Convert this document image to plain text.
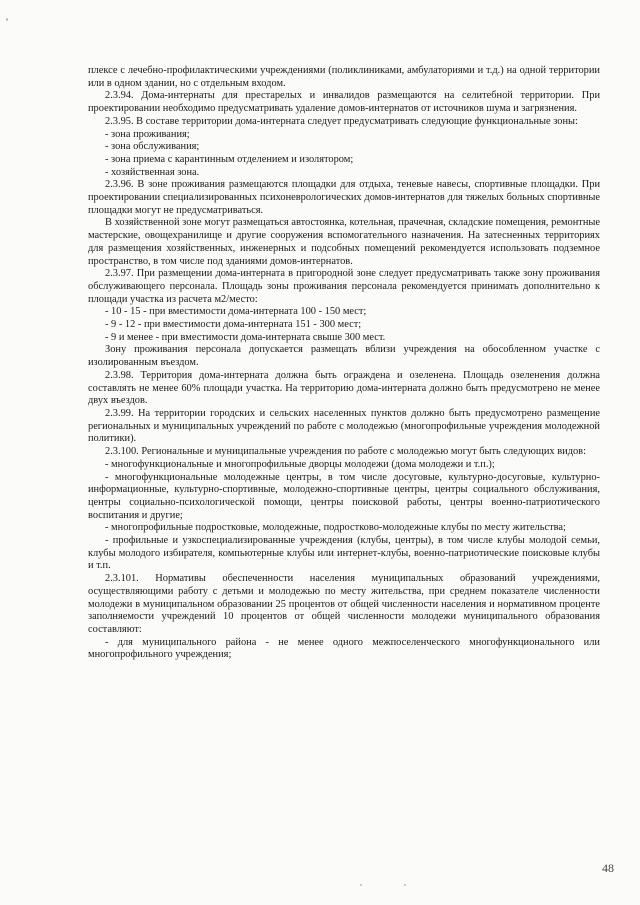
плексе с лечебно-профилактическими учреждениями (поликлиниками, амбулаториями и т.д.) на одной территории или в одном здании, но с отдельным входом.

2.3.94. Дома-интернаты для престарелых и инвалидов размещаются на селитебной территории. При проектировании необходимо предусматривать удаление домов-интернатов от источников шума и загрязнения.

2.3.95. В составе территории дома-интерната следует предусматривать следующие функциональные зоны:

- зона проживания;

- зона обслуживания;

- зона приема с карантинным отделением и изолятором;

- хозяйственная зона.

2.3.96. В зоне проживания размещаются площадки для отдыха, теневые навесы, спортивные площадки. При проектировании специализированных психоневрологических домов-интернатов для тяжелых больных спортивные площадки могут не предусматриваться.

В хозяйственной зоне могут размещаться автостоянка, котельная, прачечная, складские помещения, ремонтные мастерские, овощехранилище и другие сооружения вспомогательного назначения. На затесненных территориях для размещения хозяйственных, инженерных и подсобных помещений рекомендуется использовать подземное пространство, в том числе под зданиями домов-интернатов.

2.3.97. При размещении дома-интерната в пригородной зоне следует предусматривать также зону проживания обслуживающего персонала. Площадь зоны проживания персонала рекомендуется принимать дополнительно к площади участка из расчета м2/место:

- 10 - 15 - при вместимости дома-интерната 100 - 150 мест;

- 9 - 12 - при вместимости дома-интерната 151 - 300 мест;

- 9 и менее - при вместимости дома-интерната свыше 300 мест.

Зону проживания персонала допускается размещать вблизи учреждения на обособленном участке с изолированным въездом.

2.3.98. Территория дома-интерната должна быть ограждена и озеленена. Площадь озеленения должна составлять не менее 60% площади участка. На территорию дома-интерната должно быть предусмотрено не менее двух въездов.

2.3.99. На территории городских и сельских населенных пунктов должно быть предусмотрено размещение региональных и муниципальных учреждений по работе с молодежью (многопрофильные учреждения молодежной политики).

2.3.100. Региональные и муниципальные учреждения по работе с молодежью могут быть следующих видов:

- многофункциональные и многопрофильные дворцы молодежи (дома молодежи и т.п.);

- многофункциональные молодежные центры, в том числе досуговые, культурно-досуговые, культурно-информационные, культурно-спортивные, молодежно-спортивные центры, центры социального обслуживания, центры социально-психологической помощи, центры поисковой работы, центры военно-патриотического воспитания и другие;

- многопрофильные подростковые, молодежные, подростково-молодежные клубы по месту жительства;

- профильные и узкоспециализированные учреждения (клубы, центры), в том числе клубы молодой семьи, клубы молодого избирателя, компьютерные клубы или интернет-клубы, военно-патриотические поисковые клубы и т.п.

2.3.101. Нормативы обеспеченности населения муниципальных образований учреждениями, осуществляющими работу с детьми и молодежью по месту жительства, при среднем показателе численности молодежи в муниципальном образовании 25 процентов от общей численности населения и нормативном проценте заполняемости учреждений 10 процентов от общей численности молодежи муниципального образования составляют:

- для муниципального района - не менее одного межпоселенческого многофункционального или многопрофильного учреждения;

48
